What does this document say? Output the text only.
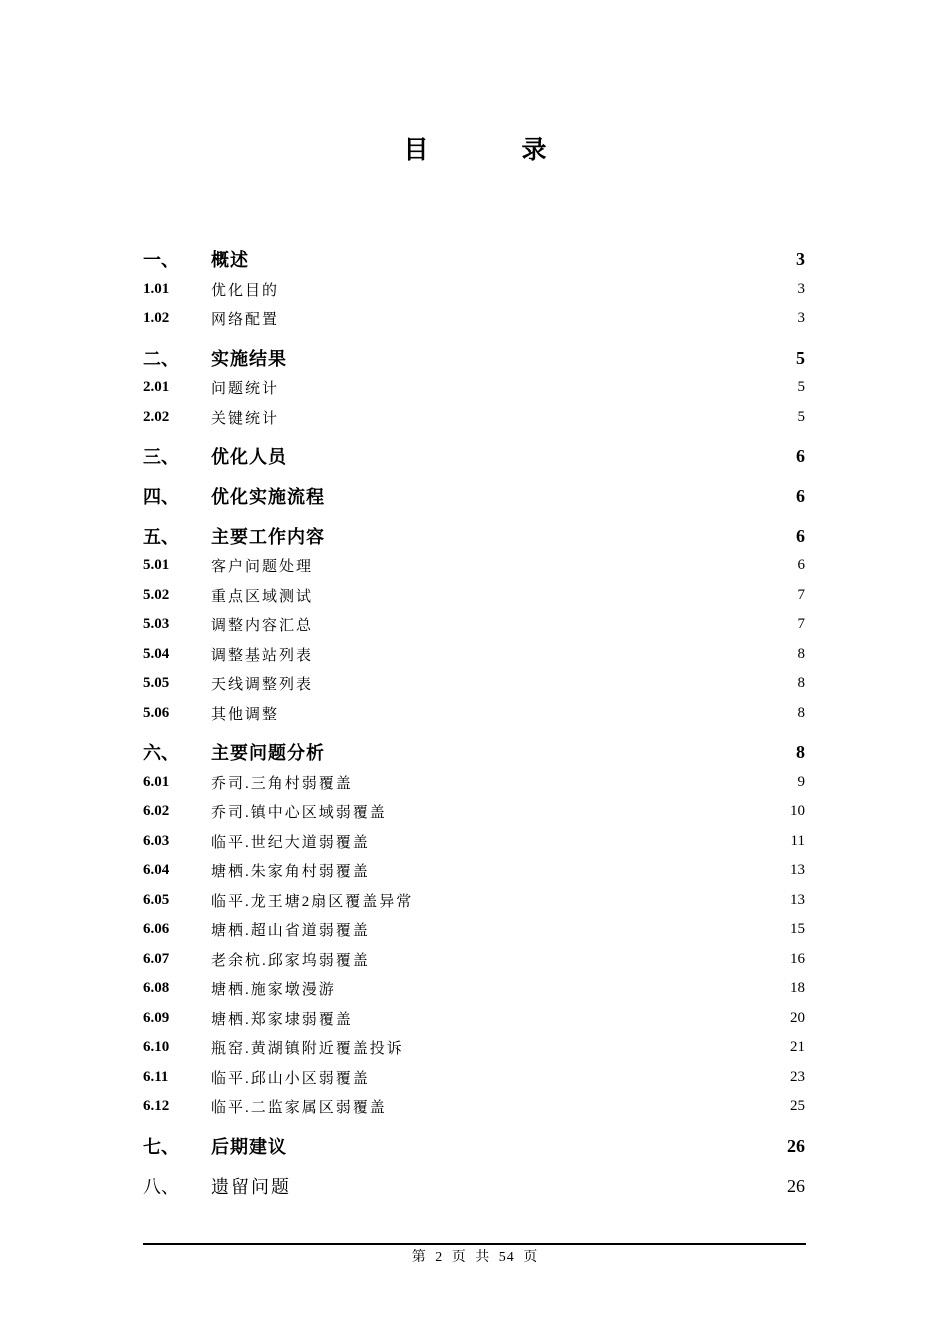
目　录
一、	概述	3
1.01	优化目的	3
1.02	网络配置	3
二、	实施结果	5
2.01	问题统计	5
2.02	关键统计	5
三、	优化人员	6
四、	优化实施流程	6
五、	主要工作内容	6
5.01	客户问题处理	6
5.02	重点区域测试	7
5.03	调整内容汇总	7
5.04	调整基站列表	8
5.05	天线调整列表	8
5.06	其他调整	8
六、	主要问题分析	8
6.01	乔司.三角村弱覆盖	9
6.02	乔司.镇中心区域弱覆盖	10
6.03	临平.世纪大道弱覆盖	11
6.04	塘栖.朱家角村弱覆盖	13
6.05	临平.龙王塘2扇区覆盖异常	13
6.06	塘栖.超山省道弱覆盖	15
6.07	老余杭.邱家坞弱覆盖	16
6.08	塘栖.施家墩漫游	18
6.09	塘栖.郑家埭弱覆盖	20
6.10	瓶窑.黄湖镇附近覆盖投诉	21
6.11	临平.邱山小区弱覆盖	23
6.12	临平.二监家属区弱覆盖	25
七、	后期建议	26
八、	遗留问题	26
第 2 页 共 54 页
